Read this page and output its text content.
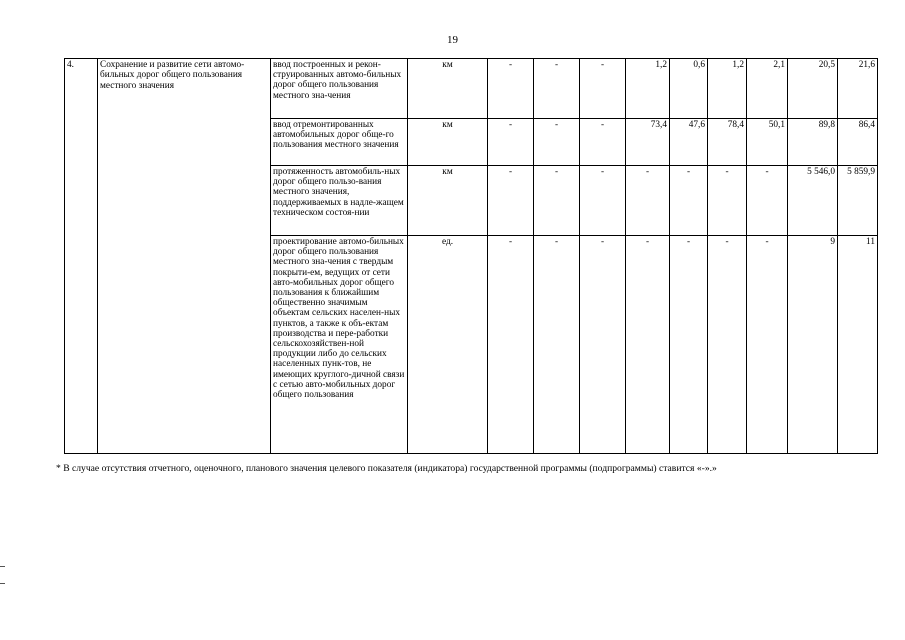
19
4.	Сохранение и развитие сети автомо-бильных дорог общего пользования местного значения	ввод построенных и рекон-струированных автомо-бильных дорог общего пользования местного зна-чения	км	-	-	-	1,2	0,6	1,2	2,1	20,5	21,6
		ввод отремонтированных автомобильных дорог обще-го пользования местного значения	км	-	-	-	73,4	47,6	78,4	50,1	89,8	86,4
		протяженность автомобиль-ных дорог общего пользо-вания местного значения, поддерживаемых в надле-жащем техническом состоя-нии	км	-	-	-	-	-	-	-	5 546,0	5 859,9
		проектирование автомо-бильных дорог общего пользования местного зна-чения с твердым покрыти-ем, ведущих от сети авто-мобильных дорог общего пользования к ближайшим общественно значимым объектам сельских населен-ных пунктов, а также к объ-ектам производства и пере-работки сельскохозяйствен-ной продукции либо до сельских населенных пунк-тов, не имеющих круглого-дичной связи с сетью авто-мобильных дорог общего пользования	ед.	-	-	-	-	-	-	-	9	11
* В случае отсутствия отчетного, оценочного, планового значения целевого показателя (индикатора) государственной программы (подпрограммы) ставится «-».»
